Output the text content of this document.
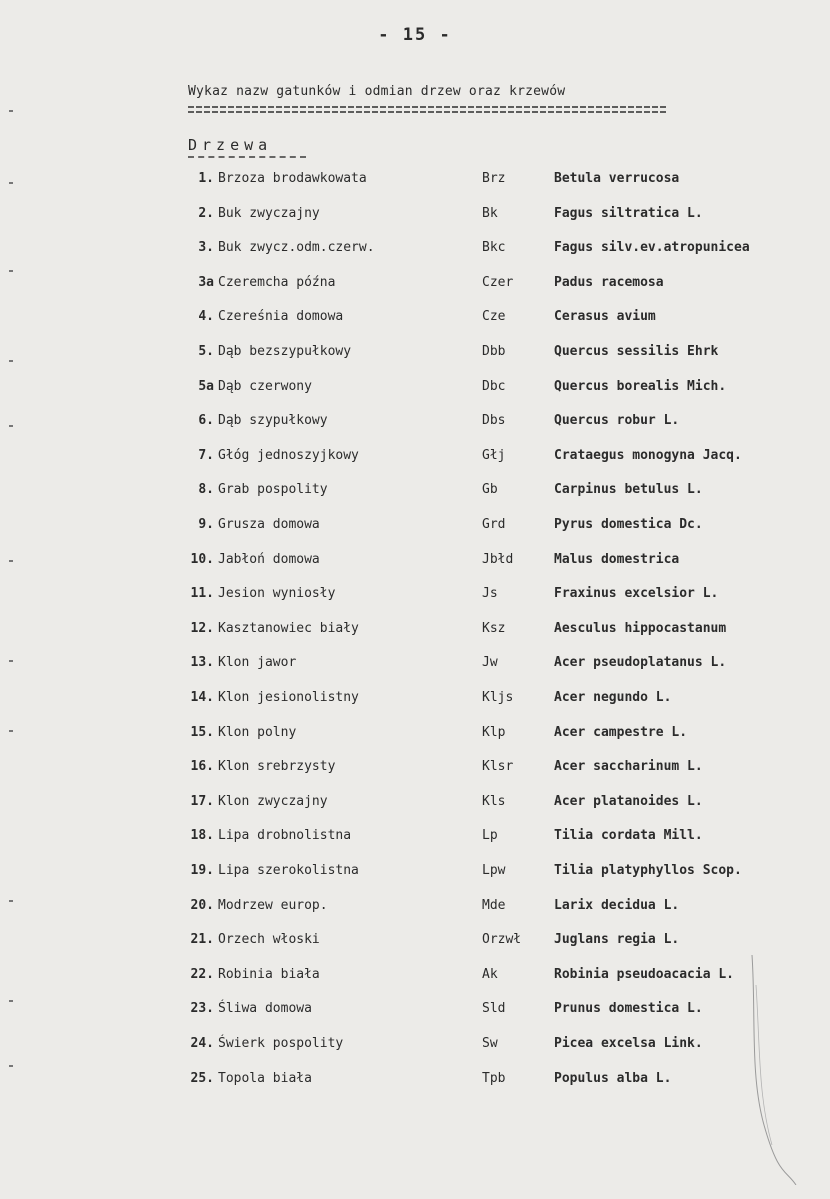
- 15 -
Wykaz nazw gatunków i odmian drzew oraz krzewów
Drzewa
1. Brzoza brodawkowata	Brz	Betula verrucosa
2. Buk zwyczajny	Bk	Fagus siltratica L.
3. Buk zwycz.odm.czerw.	Bkc	Fagus silv.ev.atropunicea
3a Czeremcha późna	Czer	Padus racemosa
4. Czereśnia domowa	Cze	Cerasus avium
5. Dąb bezszypułkowy	Dbb	Quercus sessilis Ehrk
5a Dąb czerwony	Dbc	Quercus borealis Mich.
6. Dąb szypułkowy	Dbs	Quercus robur L.
7. Głóg jednoszyjkowy	Głj	Crataegus monogyna Jacq.
8. Grab pospolity	Gb	Carpinus betulus L.
9. Grusza domowa	Grd	Pyrus domestica Dc.
10. Jabłoń domowa	Jbłd	Malus domestrica
11. Jesion wyniosły	Js	Fraxinus excelsior L.
12. Kasztanowiec biały	Ksz	Aesculus hippocastanum
13. Klon jawor	Jw	Acer pseudoplatanus L.
14. Klon jesionolistny	Kljs	Acer negundo L.
15. Klon polny	Klp	Acer campestre L.
16. Klon srebrzysty	Klsr	Acer saccharinum L.
17. Klon zwyczajny	Kls	Acer platanoides L.
18. Lipa drobnolistna	Lp	Tilia cordata Mill.
19. Lipa szerokolistna	Lpw	Tilia platyphyllos Scop.
20. Modrzew europ.	Mde	Larix decidua L.
21. Orzech włoski	Orzwł	Juglans regia L.
22. Robinia biała	Ak	Robinia pseudoacacia L.
23. Śliwa domowa	Sld	Prunus domestica L.
24. Świerk pospolity	Sw	Picea excelsa Link.
25. Topola biała	Tpb	Populus alba L.
